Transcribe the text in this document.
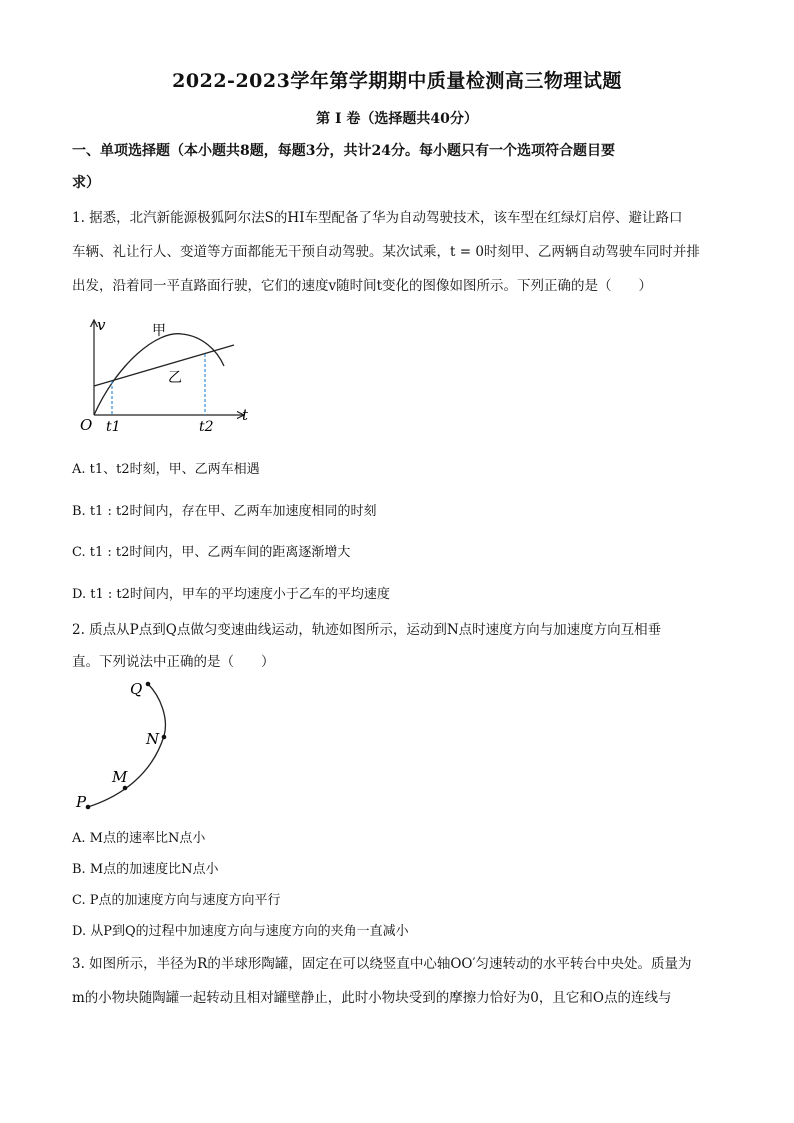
2022-2023学年第学期期中质量检测高三物理试题
第 I 卷（选择题共40分）
一、单项选择题（本小题共8题，每题3分，共计24分。每小题只有一个选项符合题目要
求）
1. 据悉，北汽新能源极狐阿尔法S的HI车型配备了华为自动驾驶技术，该车型在红绿灯启停、避让路口
车辆、礼让行人、变道等方面都能无干预自动驾驶。某次试乘，t = 0时刻甲、乙两辆自动驾驶车同时并排
出发，沿着同一平直路面行驶，它们的速度v随时间t变化的图像如图所示。下列正确的是（　　）
v
t
O t1	t2
甲
乙
A. t1、t2时刻，甲、乙两车相遇
B. t1 : t2时间内，存在甲、乙两车加速度相同的时刻
C. t1 : t2时间内，甲、乙两车间的距离逐渐增大
D. t1 : t2时间内，甲车的平均速度小于乙车的平均速度
2. 质点从P点到Q点做匀变速曲线运动，轨迹如图所示，运动到N点时速度方向与加速度方向互相垂
直。下列说法中正确的是（　　）
P
M
N
Q
A. M点的速率比N点小
B. M点的加速度比N点小
C. P点的加速度方向与速度方向平行
D. 从P到Q的过程中加速度方向与速度方向的夹角一直减小
3. 如图所示，半径为R的半球形陶罐，固定在可以绕竖直中心轴OO′匀速转动的水平转台中央处。质量为
m的小物块随陶罐一起转动且相对罐壁静止，此时小物块受到的摩擦力恰好为0，且它和O点的连线与
